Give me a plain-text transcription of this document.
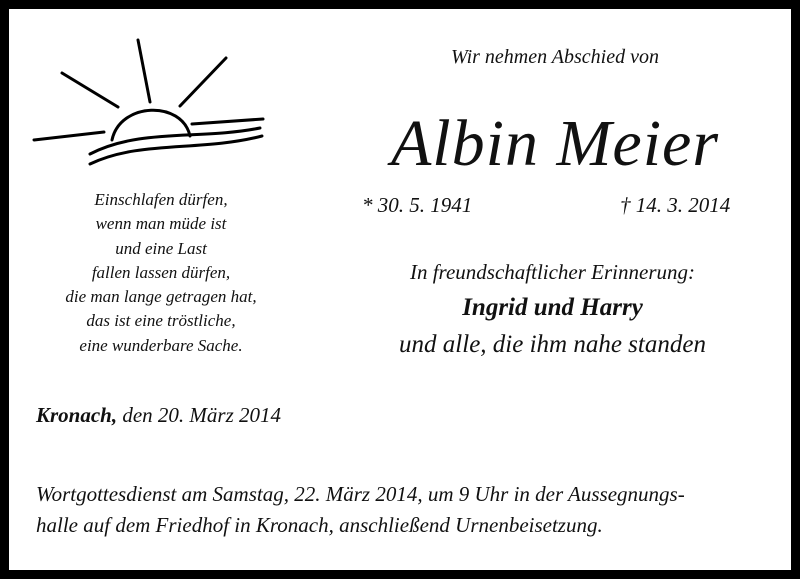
Einschlafen dürfen,
wenn man müde ist
und eine Last
fallen lassen dürfen,
die man lange getragen hat,
das ist eine tröstliche,
eine wunderbare Sache.
Wir nehmen Abschied von
Albin Meier
* 30. 5. 1941	† 14. 3. 2014
In freundschaftlicher Erinnerung:
Ingrid und Harry
und alle, die ihm nahe standen
Kronach, den 20. März 2014
Wortgottesdienst am Samstag, 22. März 2014, um 9 Uhr in der Aussegnungs-
halle auf dem Friedhof in Kronach, anschließend Urnenbeisetzung.
